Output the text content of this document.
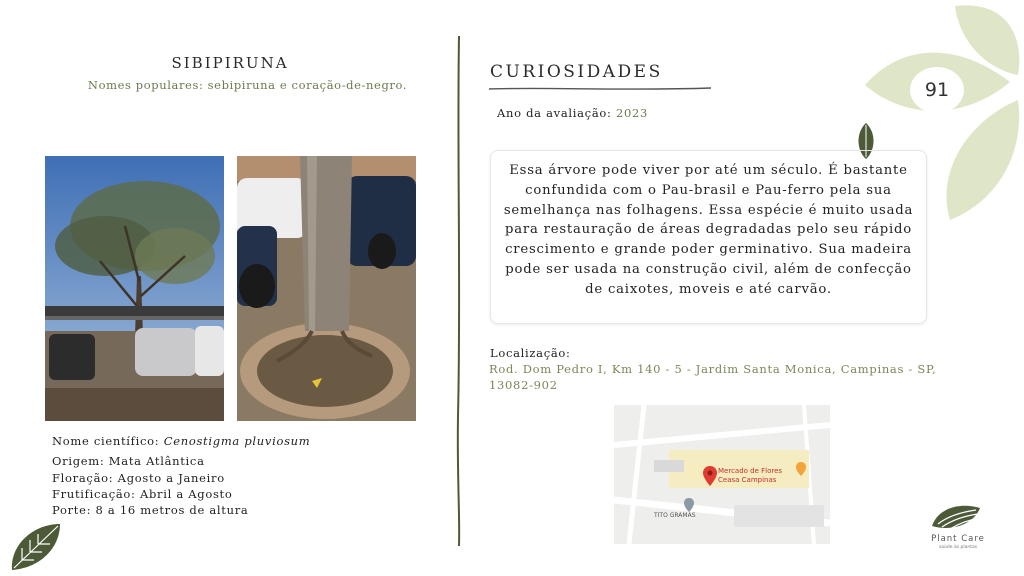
91
SIBIPIRUNA
Nomes populares: sebipiruna e coração-de-negro.
Nome científico: Cenostigma pluviosum
Origem: Mata Atlântica
Floração: Agosto a Janeiro
Frutificação: Abril a Agosto
Porte: 8 a 16 metros de altura
CURIOSIDADES
Ano da avaliação: 2023

Essa árvore pode viver por até um século. É bastante confundida com o Pau-brasil e Pau-ferro pela sua semelhança nas folhagens. Essa espécie é muito usada para restauração de áreas degradadas pelo seu rápido crescimento e grande poder germinativo. Sua madeira pode ser usada na construção civil, além de confecção de caixotes, moveis e até carvão.

Localização:
Rod. Dom Pedro I, Km 140 - 5 - Jardim Santa Monica, Campinas - SP, 13082-902
Mercado de Flores
Ceasa Campinas
TITO GRAMAS
Plant Care
saúde às plantas
